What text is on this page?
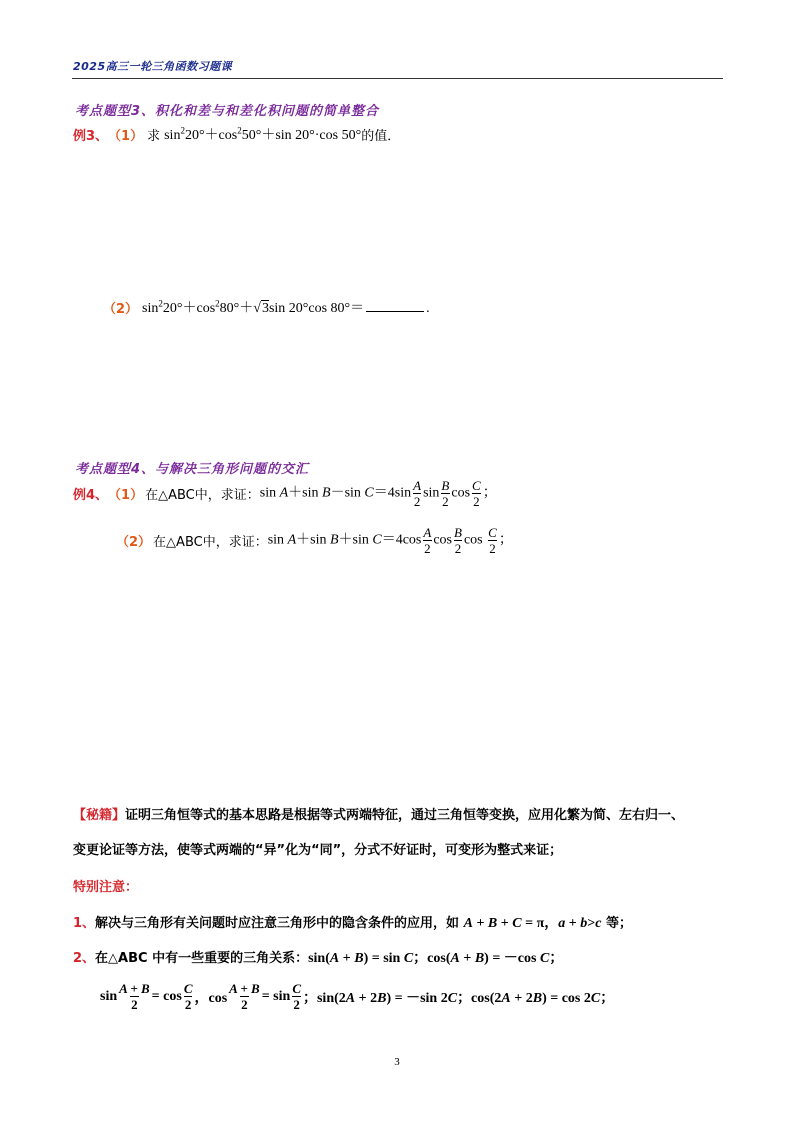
2025高三一轮三角函数习题课
考点题型3、积化和差与和差化积问题的简单整合
例3、 （1） 求 $\sin^220^\circ+\cos^250^\circ+\sin$ 20°·cos 50° 的值．
（2） $\sin^220^\circ+\cos^280^\circ+√3\sin$ 20°cos 80°＝	.
考点题型4、与解决三角形问题的交汇
例4、 （1） 在△ABC中，求证： sin A＋sin B－sin $C=4\sin \frac{A}{2}$ $\sin \frac{B}{2}$ $\cos \frac{C}{2}$ ；
（2） 在△ABC中，求证： sin A＋sin B＋sin $C=4\cos \frac{A}{2}$ $\cos \frac{B}{2}$ $\cos \frac{C}{2}$ ；
【秘籍】证明三角恒等式的基本思路是根据等式两端特征，通过三角恒等变换，应用化繁为简、左右归一、
变更论证等方法，使等式两端的“异”化为“同”，分式不好证时，可变形为整式来证；
特别注意：
1、解决与三角形有关问题时应注意三角形中的隐含条件的应用，如 A + B + C = π，a + b>c 等；
2、在△ABC 中有一些重要的三角关系：sin(A + B) = sin C；cos(A + B) = －cos C；
$\sin \frac{A + B}{2} = \cos \frac{C}{2}$ ，$\cos \frac{A + B}{2} = \sin \frac{C}{2}$ ；sin(2A + 2B) = －sin 2C；cos(2A + 2B) = cos 2C；
3
